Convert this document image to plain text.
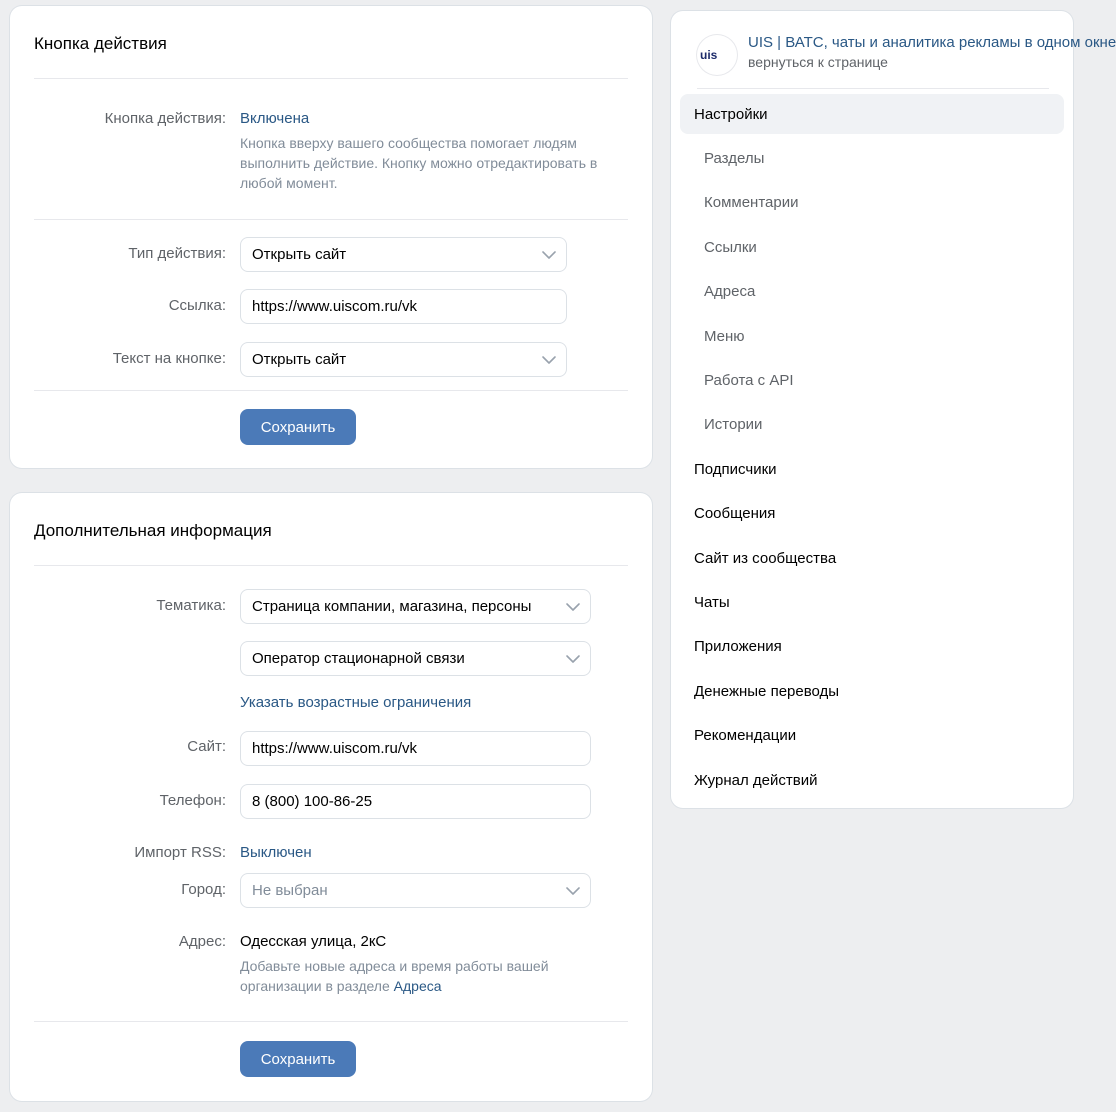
Кнопка действия
Кнопка действия: Включена
Кнопка вверху вашего сообщества помогает людям выполнить действие. Кнопку можно отредактировать в любой момент.
Тип действия: Открыть сайт
Ссылка: https://www.uiscom.ru/vk
Текст на кнопке: Открыть сайт
Сохранить
Дополнительная информация
Тематика: Страница компании, магазина, персоны
Оператор стационарной связи
Указать возрастные ограничения
Сайт: https://www.uiscom.ru/vk
Телефон: 8 (800) 100-86-25
Импорт RSS: Выключен
Город: Не выбран
Адрес: Одесская улица, 2кС
Добавьте новые адреса и время работы вашей организации в разделе Адреса
Сохранить
uis
UIS | ВАТС, чаты и аналитика рекламы в одном окне
вернуться к странице
Настройки
Разделы
Комментарии
Ссылки
Адреса
Меню
Работа с API
Истории
Подписчики
Сообщения
Сайт из сообщества
Чаты
Приложения
Денежные переводы
Рекомендации
Журнал действий
